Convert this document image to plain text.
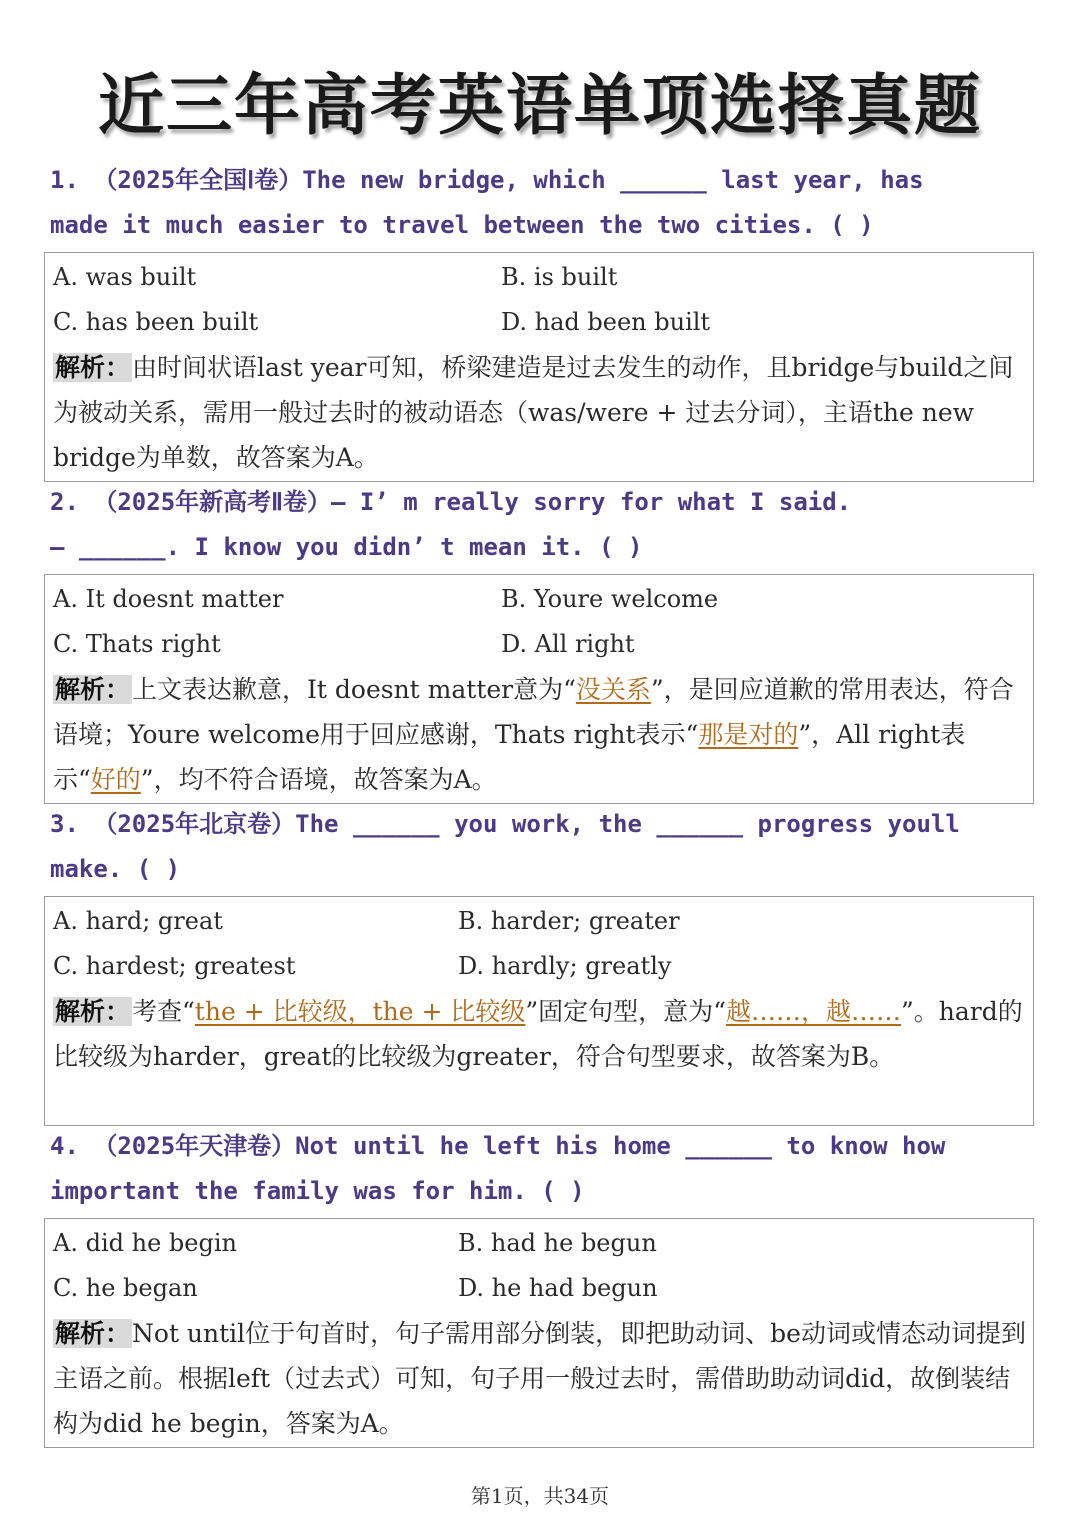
近三年高考英语单项选择真题
1. （2025年全国Ⅰ卷）The new bridge, which ______ last year, has
made it much easier to travel between the two cities. ( )
A. was built	B. is built
C. has been built	D. had been built
解析：由时间状语last year可知，桥梁建造是过去发生的动作，且bridge与build之间为被动关系，需用一般过去时的被动语态（was/were + 过去分词），主语the new bridge为单数，故答案为A。
2. （2025年新高考Ⅱ卷）— I’ m really sorry for what I said.
— ______. I know you didn’ t mean it. ( )
A. It doesnt matter	B. Youre welcome
C. Thats right	D. All right
解析：上文表达歉意，It doesnt matter意为“没关系”，是回应道歉的常用表达，符合语境；Youre welcome用于回应感谢，Thats right表示“那是对的”，All right表示“好的”，均不符合语境，故答案为A。
3. （2025年北京卷）The ______ you work, the ______ progress youll
make. ( )
A. hard; great	B. harder; greater
C. hardest; greatest	D. hardly; greatly
解析：考查“the + 比较级，the + 比较级”固定句型，意为“越……，越……”。hard的比较级为harder，great的比较级为greater，符合句型要求，故答案为B。
4. （2025年天津卷）Not until he left his home ______ to know how
important the family was for him. ( )
A. did he begin	B. had he begun
C. he began	D. he had begun
解析：Not until位于句首时，句子需用部分倒装，即把助动词、be动词或情态动词提到主语之前。根据left（过去式）可知，句子用一般过去时，需借助助动词did，故倒装结构为did he begin，答案为A。
第1页，共34页
